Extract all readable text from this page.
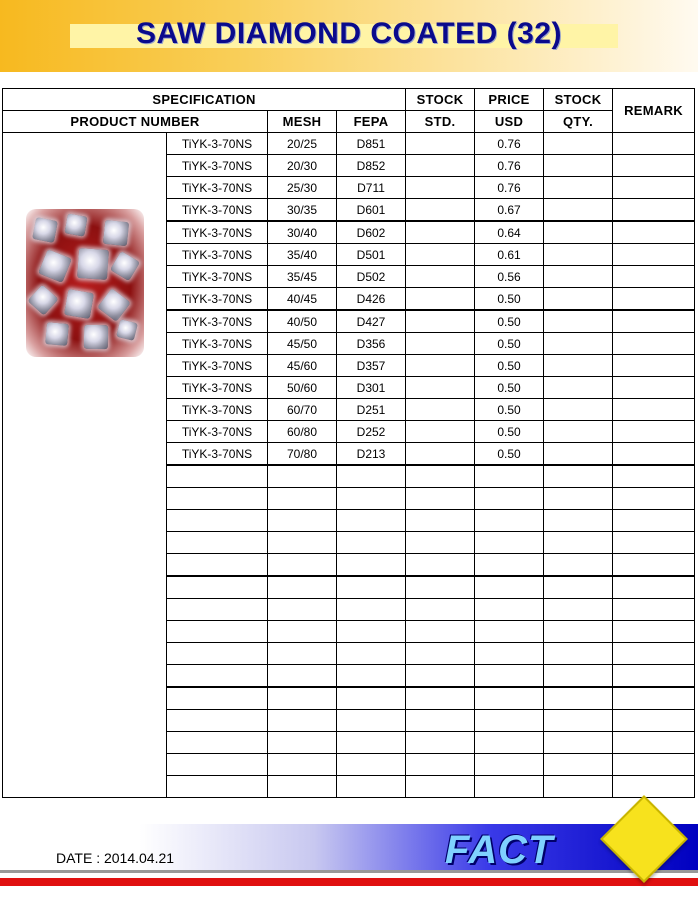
SAW DIAMOND COATED (32)
SPECIFICATION				STOCK	PRICE	STOCK	REMARK
PRODUCT NUMBER		MESH	FEPA	STD.	USD	QTY.	

	TiYK-3-70NS	20/25	D851		0.76		
	TiYK-3-70NS	20/30	D852		0.76		
	TiYK-3-70NS	25/30	D711		0.76		
	TiYK-3-70NS	30/35	D601		0.67		
	TiYK-3-70NS	30/40	D602		0.64		
	TiYK-3-70NS	35/40	D501		0.61		
	TiYK-3-70NS	35/45	D502		0.56		
	TiYK-3-70NS	40/45	D426		0.50		
	TiYK-3-70NS	40/50	D427		0.50		
	TiYK-3-70NS	45/50	D356		0.50		
	TiYK-3-70NS	45/60	D357		0.50		
	TiYK-3-70NS	50/60	D301		0.50		
	TiYK-3-70NS	60/70	D251		0.50		
	TiYK-3-70NS	60/80	D252		0.50		
	TiYK-3-70NS	70/80	D213		0.50		

DATE : 2014.04.21	FACT
